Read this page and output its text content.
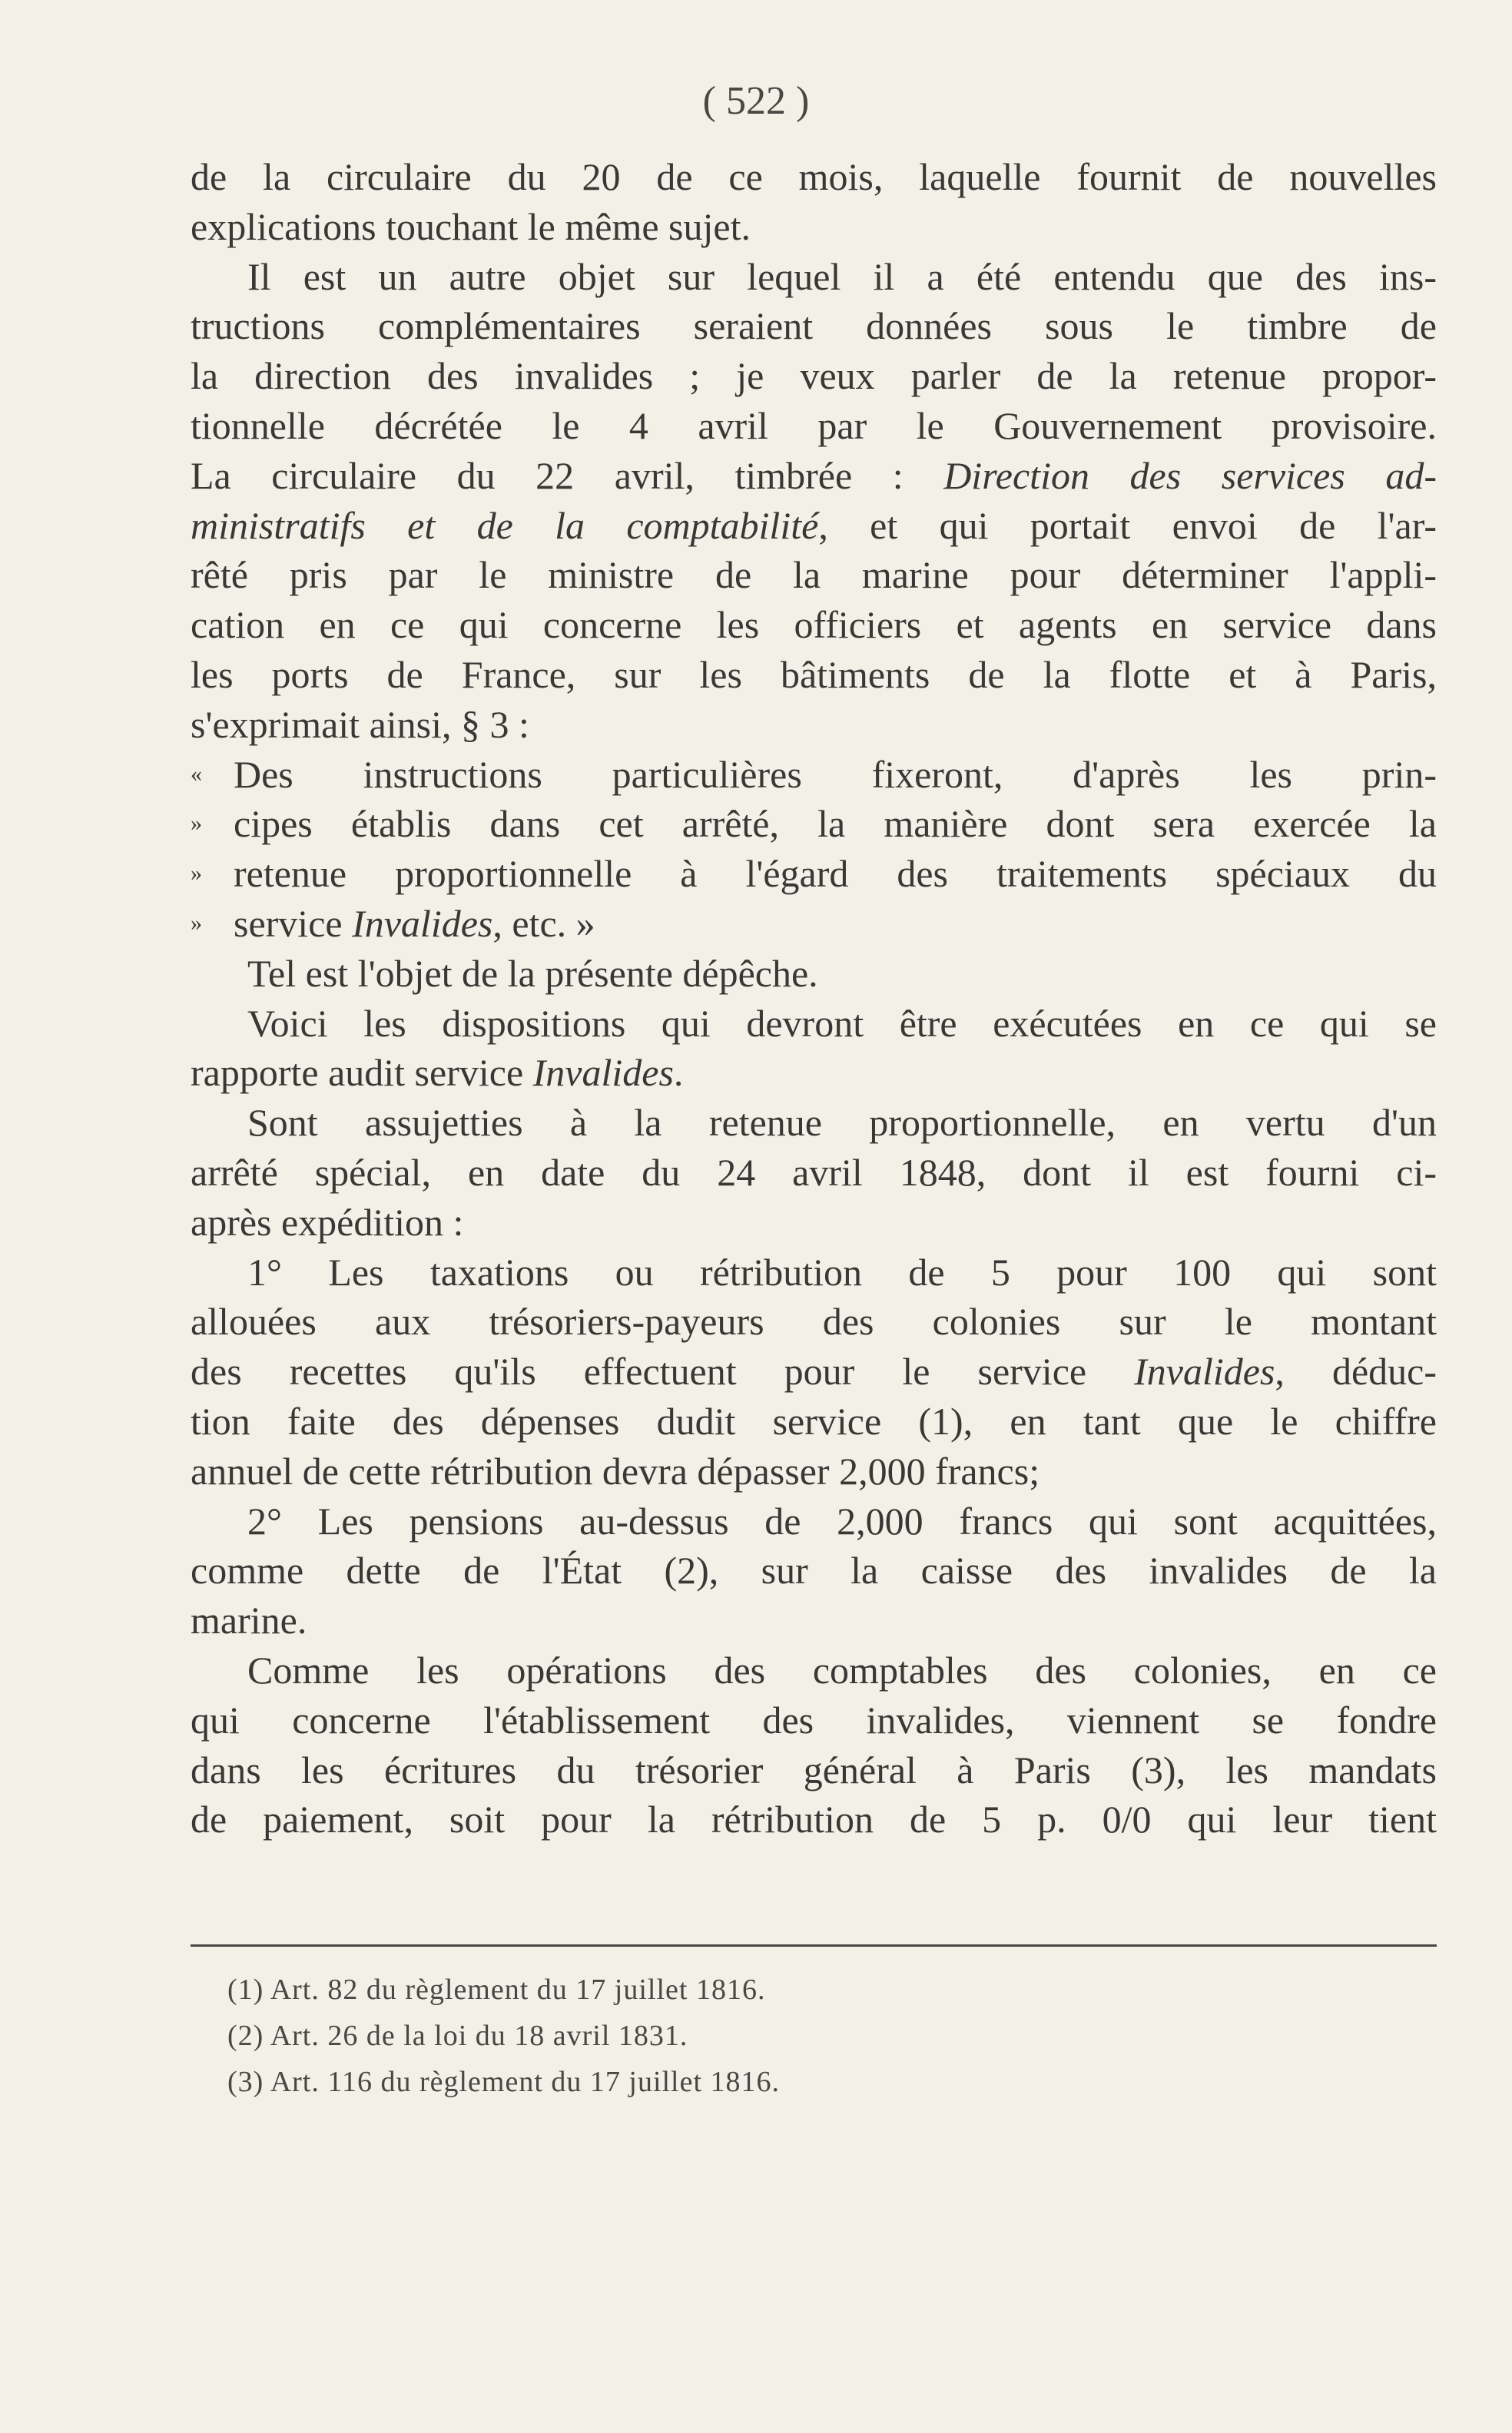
( 522 )
de la circulaire du 20 de ce mois, laquelle fournit de nouvelles
explications touchant le même sujet.
Il est un autre objet sur lequel il a été entendu que des ins-
tructions complémentaires seraient données sous le timbre de
la direction des invalides ; je veux parler de la retenue propor-
tionnelle décrétée le 4 avril par le Gouvernement provisoire.
La circulaire du 22 avril, timbrée : Direction des services ad-
ministratifs et de la comptabilité, et qui portait envoi de l'ar-
rêté pris par le ministre de la marine pour déterminer l'appli-
cation en ce qui concerne les officiers et agents en service dans
les ports de France, sur les bâtiments de la flotte et à Paris,
s'exprimait ainsi, § 3 :
« Des instructions particulières fixeront, d'après les prin-
» cipes établis dans cet arrêté, la manière dont sera exercée la
» retenue proportionnelle à l'égard des traitements spéciaux du
» service Invalides, etc. »
Tel est l'objet de la présente dépêche.
Voici les dispositions qui devront être exécutées en ce qui se
rapporte audit service Invalides.
Sont assujetties à la retenue proportionnelle, en vertu d'un
arrêté spécial, en date du 24 avril 1848, dont il est fourni ci-
après expédition :
1° Les taxations ou rétribution de 5 pour 100 qui sont
allouées aux trésoriers-payeurs des colonies sur le montant
des recettes qu'ils effectuent pour le service Invalides, déduc-
tion faite des dépenses dudit service (1), en tant que le chiffre
annuel de cette rétribution devra dépasser 2,000 francs;
2° Les pensions au-dessus de 2,000 francs qui sont acquittées,
comme dette de l'État (2), sur la caisse des invalides de la
marine.
Comme les opérations des comptables des colonies, en ce
qui concerne l'établissement des invalides, viennent se fondre
dans les écritures du trésorier général à Paris (3), les mandats
de paiement, soit pour la rétribution de 5 p. 0/0 qui leur tient
(1) Art. 82 du règlement du 17 juillet 1816.
(2) Art. 26 de la loi du 18 avril 1831.
(3) Art. 116 du règlement du 17 juillet 1816.
